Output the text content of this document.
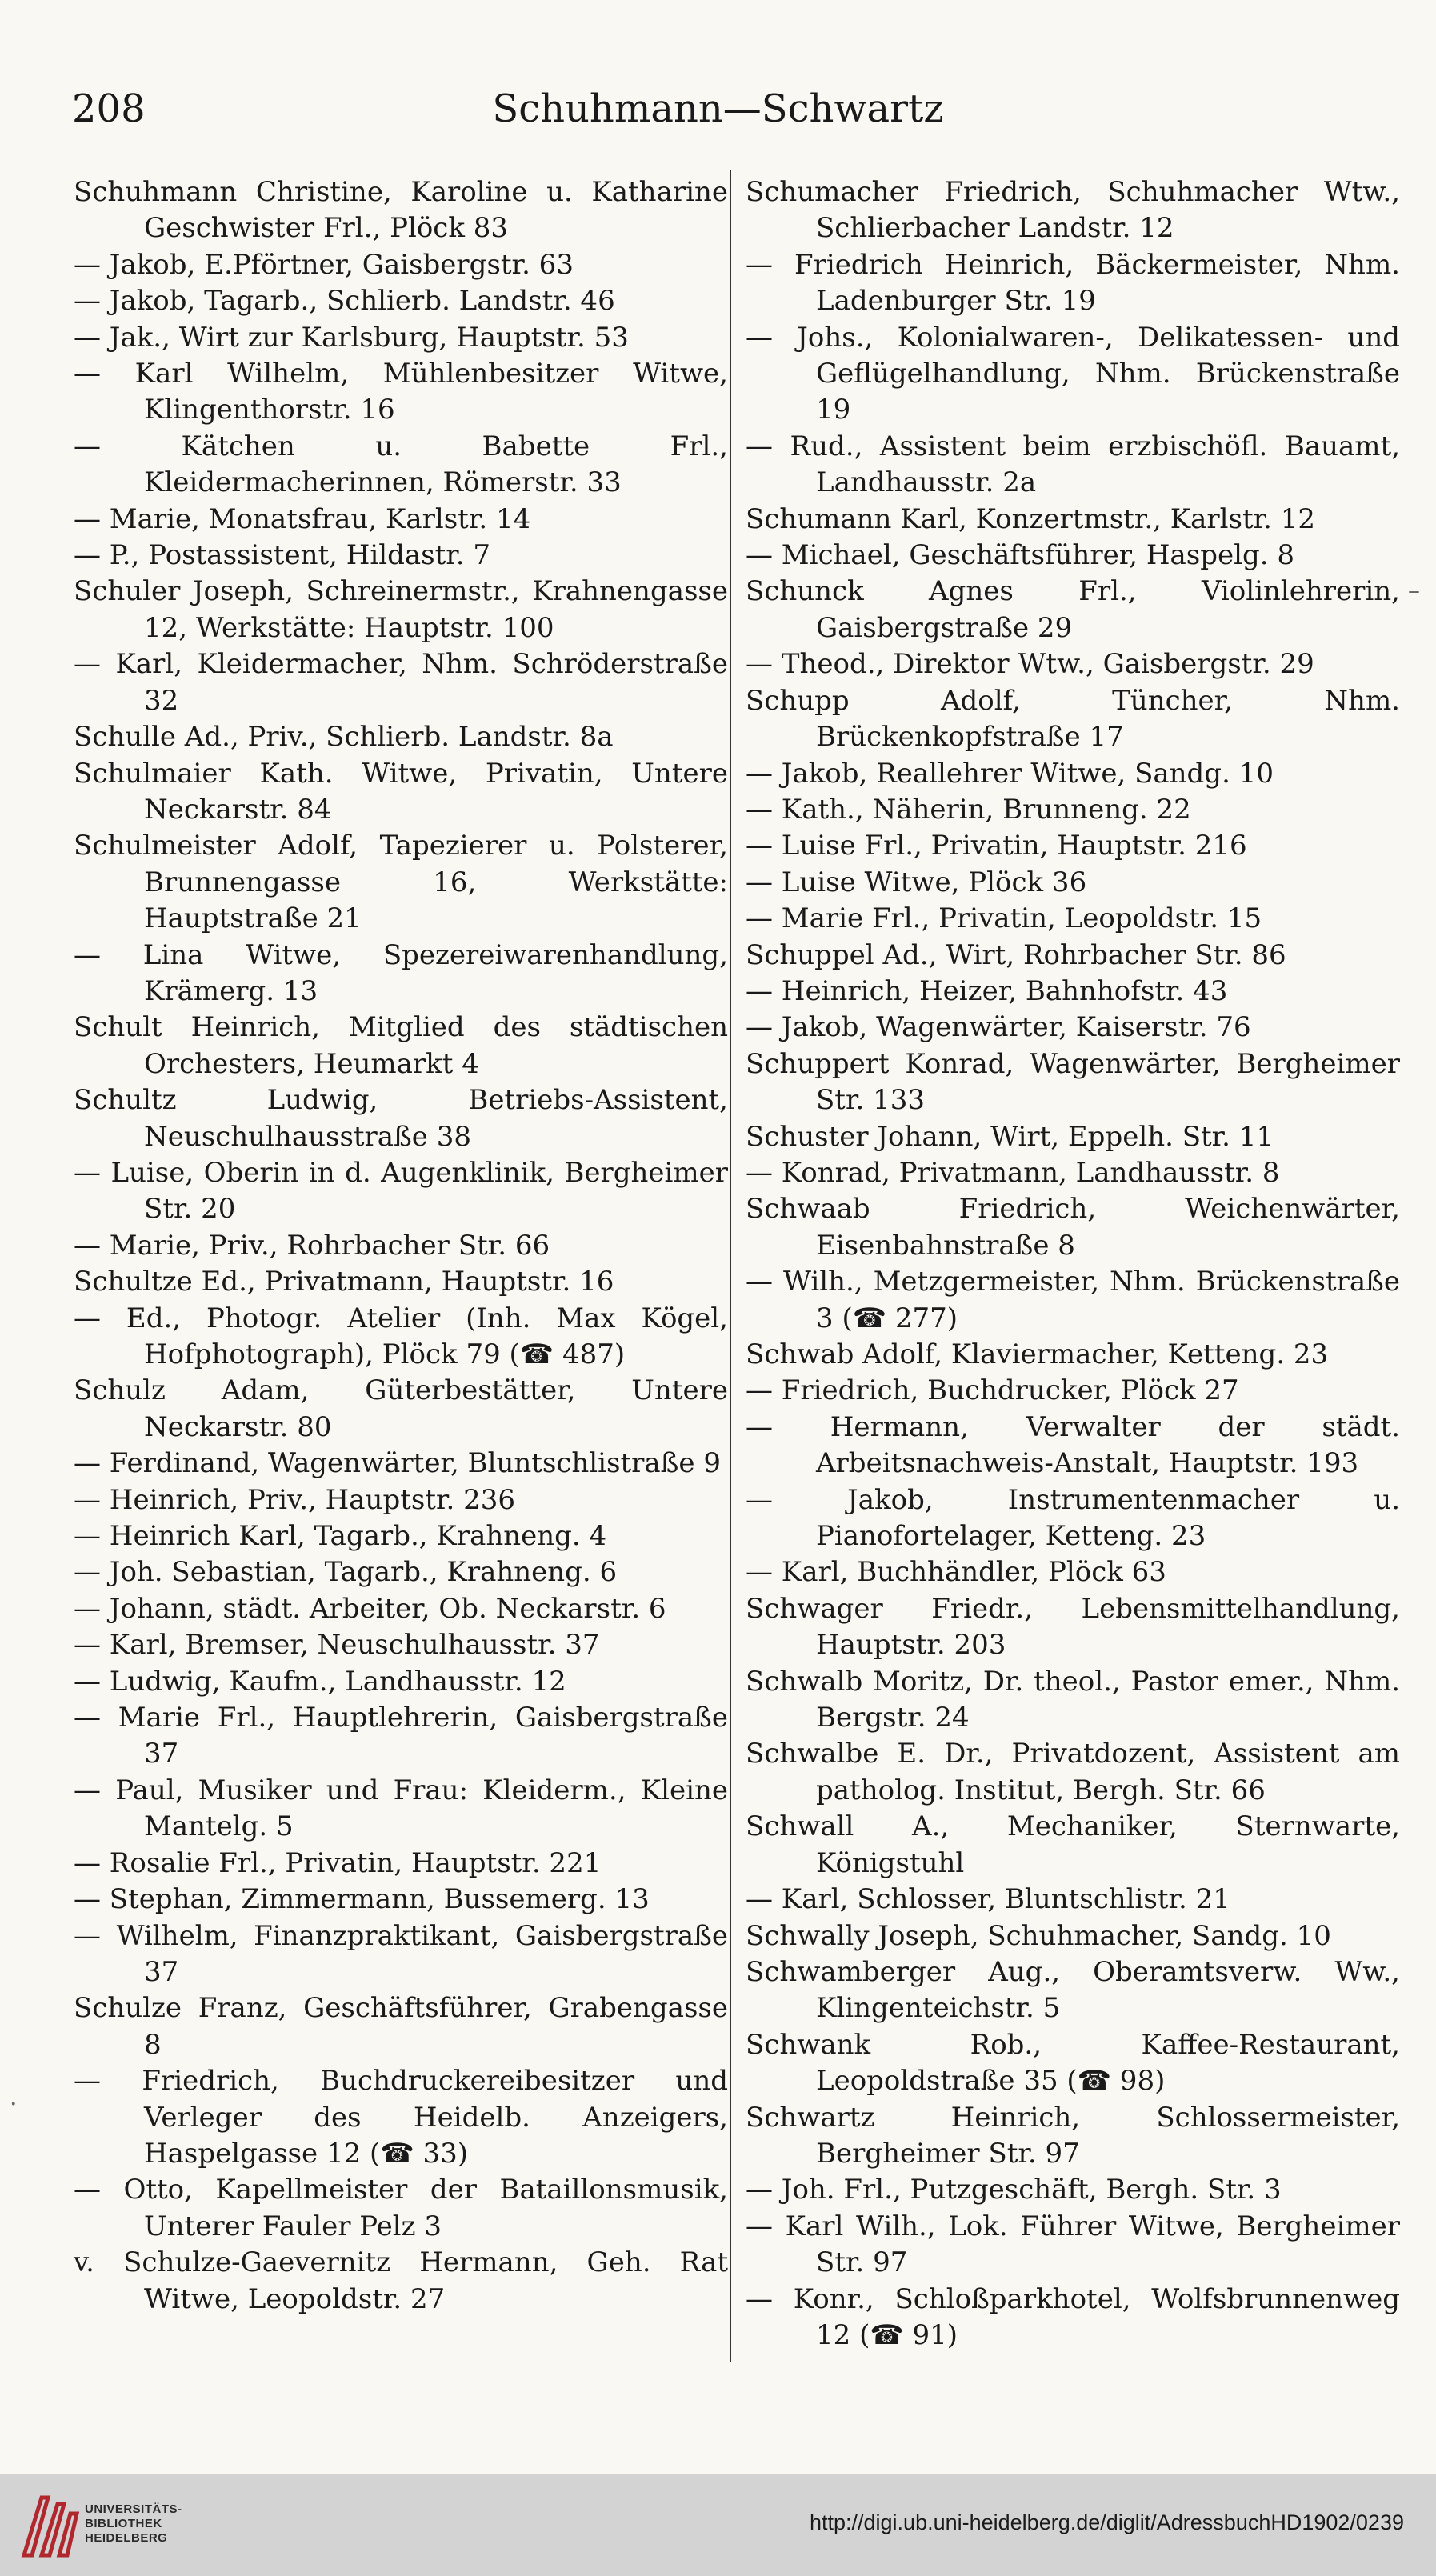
208	Schuhmann—Schwartz
Schuhmann Christine, Karoline u. Katharine Geschwister Frl., Plöck 83
— Jakob, E.Pförtner, Gaisbergstr. 63
— Jakob, Tagarb., Schlierb. Landstr. 46
— Jak., Wirt zur Karlsburg, Hauptstr. 53
— Karl Wilhelm, Mühlenbesitzer Witwe, Klingenthorstr. 16
— Kätchen u. Babette Frl., Kleidermacherinnen, Römerstr. 33
— Marie, Monatsfrau, Karlstr. 14
— P., Postassistent, Hildastr. 7
Schuler Joseph, Schreinermstr., Krahnengasse 12, Werkstätte: Hauptstr. 100
— Karl, Kleidermacher, Nhm. Schröderstraße 32
Schulle Ad., Priv., Schlierb. Landstr. 8a
Schulmaier Kath. Witwe, Privatin, Untere Neckarstr. 84
Schulmeister Adolf, Tapezierer u. Polsterer, Brunnengasse 16, Werkstätte: Hauptstraße 21
— Lina Witwe, Spezereiwarenhandlung, Krämerg. 13
Schult Heinrich, Mitglied des städtischen Orchesters, Heumarkt 4
Schultz Ludwig, Betriebs-Assistent, Neuschulhausstraße 38
— Luise, Oberin in d. Augenklinik, Bergheimer Str. 20
— Marie, Priv., Rohrbacher Str. 66
Schultze Ed., Privatmann, Hauptstr. 16
— Ed., Photogr. Atelier (Inh. Max Kögel, Hofphotograph), Plöck 79 (☎ 487)
Schulz Adam, Güterbestätter, Untere Neckarstr. 80
— Ferdinand, Wagenwärter, Bluntschlistraße 9
— Heinrich, Priv., Hauptstr. 236
— Heinrich Karl, Tagarb., Krahneng. 4
— Joh. Sebastian, Tagarb., Krahneng. 6
— Johann, städt. Arbeiter, Ob. Neckarstr. 6
— Karl, Bremser, Neuschulhausstr. 37
— Ludwig, Kaufm., Landhausstr. 12
— Marie Frl., Hauptlehrerin, Gaisbergstraße 37
— Paul, Musiker und Frau: Kleiderm., Kleine Mantelg. 5
— Rosalie Frl., Privatin, Hauptstr. 221
— Stephan, Zimmermann, Bussemerg. 13
— Wilhelm, Finanzpraktikant, Gaisbergstraße 37
Schulze Franz, Geschäftsführer, Grabengasse 8
— Friedrich, Buchdruckereibesitzer und Verleger des Heidelb. Anzeigers, Haspelgasse 12 (☎ 33)
— Otto, Kapellmeister der Bataillonsmusik, Unterer Fauler Pelz 3
v. Schulze-Gaevernitz Hermann, Geh. Rat Witwe, Leopoldstr. 27
Schumacher Friedrich, Schuhmacher Wtw., Schlierbacher Landstr. 12
— Friedrich Heinrich, Bäckermeister, Nhm. Ladenburger Str. 19
— Johs., Kolonialwaren-, Delikatessen- und Geflügelhandlung, Nhm. Brückenstraße 19
— Rud., Assistent beim erzbischöfl. Bauamt, Landhausstr. 2a
Schumann Karl, Konzertmstr., Karlstr. 12
— Michael, Geschäftsführer, Haspelg. 8
Schunck Agnes Frl., Violinlehrerin, Gaisbergstraße 29
— Theod., Direktor Wtw., Gaisbergstr. 29
Schupp Adolf, Tüncher, Nhm. Brückenkopfstraße 17
— Jakob, Reallehrer Witwe, Sandg. 10
— Kath., Näherin, Brunneng. 22
— Luise Frl., Privatin, Hauptstr. 216
— Luise Witwe, Plöck 36
— Marie Frl., Privatin, Leopoldstr. 15
Schuppel Ad., Wirt, Rohrbacher Str. 86
— Heinrich, Heizer, Bahnhofstr. 43
— Jakob, Wagenwärter, Kaiserstr. 76
Schuppert Konrad, Wagenwärter, Bergheimer Str. 133
Schuster Johann, Wirt, Eppelh. Str. 11
— Konrad, Privatmann, Landhausstr. 8
Schwaab Friedrich, Weichenwärter, Eisenbahnstraße 8
— Wilh., Metzgermeister, Nhm. Brückenstraße 3 (☎ 277)
Schwab Adolf, Klaviermacher, Ketteng. 23
— Friedrich, Buchdrucker, Plöck 27
— Hermann, Verwalter der städt. Arbeitsnachweis-Anstalt, Hauptstr. 193
— Jakob, Instrumentenmacher u. Pianofortelager, Ketteng. 23
— Karl, Buchhändler, Plöck 63
Schwager Friedr., Lebensmittelhandlung, Hauptstr. 203
Schwalb Moritz, Dr. theol., Pastor emer., Nhm. Bergstr. 24
Schwalbe E. Dr., Privatdozent, Assistent am patholog. Institut, Bergh. Str. 66
Schwall A., Mechaniker, Sternwarte, Königstuhl
— Karl, Schlosser, Bluntschlistr. 21
Schwally Joseph, Schuhmacher, Sandg. 10
Schwamberger Aug., Oberamtsverw. Ww., Klingenteichstr. 5
Schwank Rob., Kaffee-Restaurant, Leopoldstraße 35 (☎ 98)
Schwartz Heinrich, Schlossermeister, Bergheimer Str. 97
— Joh. Frl., Putzgeschäft, Bergh. Str. 3
— Karl Wilh., Lok. Führer Witwe, Bergheimer Str. 97
— Konr., Schloßparkhotel, Wolfsbrunnenweg 12 (☎ 91)
–
·
UNIVERSITÄTS-
BIBLIOTHEK
HEIDELBERG
http://digi.ub.uni-heidelberg.de/diglit/AdressbuchHD1902/0239
